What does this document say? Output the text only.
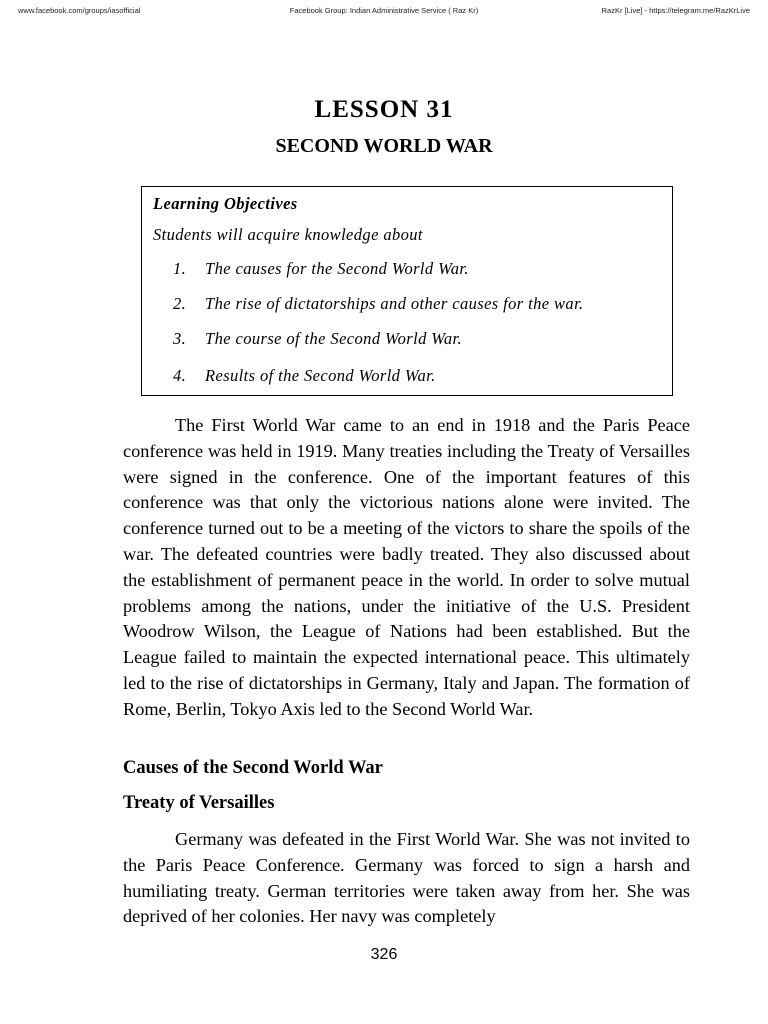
www.facebook.com/groups/iasofficial	Facebook Group: Indian Administrative Service ( Raz Kr)	RazKr [Live] - https://telegram.me/RazKrLive
LESSON 31
SECOND WORLD WAR
Learning Objectives
Students will acquire knowledge about
1. The causes for the Second World War.
2. The rise of dictatorships and other causes for the war.
3. The course of the Second World War.
4. Results of the Second World War.
The First World War came to an end in 1918 and the Paris Peace conference was held in 1919. Many treaties including the Treaty of Versailles were signed in the conference. One of the important features of this conference was that only the victorious nations alone were invited. The conference turned out to be a meeting of the victors to share the spoils of the war. The defeated countries were badly treated. They also discussed about the establishment of permanent peace in the world. In order to solve mutual problems among the nations, under the initiative of the U.S. President Woodrow Wilson, the League of Nations had been established. But the League failed to maintain the expected international peace. This ultimately led to the rise of dictatorships in Germany, Italy and Japan. The formation of Rome, Berlin, Tokyo Axis led to the Second World War.
Causes of the Second World War
Treaty of Versailles
Germany was defeated in the First World War. She was not invited to the Paris Peace Conference. Germany was forced to sign a harsh and humiliating treaty. German territories were taken away from her. She was deprived of her colonies. Her navy was completely
326
